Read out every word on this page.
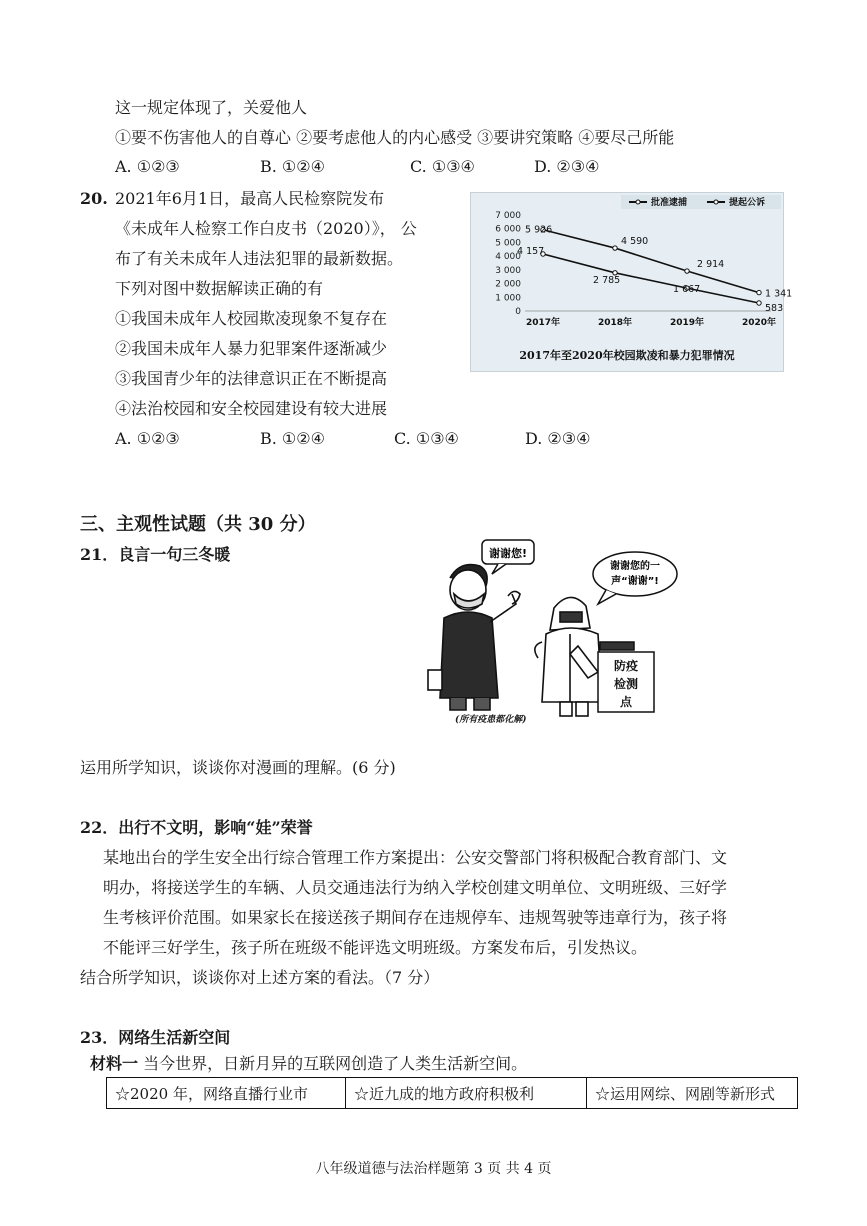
这一规定体现了，关爱他人
①要不伤害他人的自尊心 ②要考虑他人的内心感受 ③要讲究策略 ④要尽己所能
A. ①②③	B. ①②④	C. ①③④	D. ②③④
20. 2021年6月1日，最高人民检察院发布
《未成年人检察工作白皮书（2020）》， 公
布了有关未成年人违法犯罪的最新数据。
下列对图中数据解读正确的有
①我国未成年人校园欺凌现象不复存在
②我国未成年人暴力犯罪案件逐渐减少
③我国青少年的法律意识正在不断提高
④法治校园和安全校园建设有较大进展
A. ①②③	B. ①②④	C. ①③④	D. ②③④
批准逮捕	提起公诉
7 000
6 000
5 000
4 000
3 000
2 000
1 000
0
2017年	2018年	2019年	2020年
5 926
4 590
2 914
1 341
4 157
2 785
1 667
583
2017年至2020年校园欺凌和暴力犯罪情况
三、主观性试题（共 30 分）
21．良言一句三冬暖	谢谢您!
谢谢您的一
声“谢谢”!
防疫
检测
点
(所有疫患都化解)
运用所学知识，谈谈你对漫画的理解。(6 分)
22．出行不文明，影响“娃”荣誉
某地出台的学生安全出行综合管理工作方案提出：公安交警部门将积极配合教育部门、文
明办，将接送学生的车辆、人员交通违法行为纳入学校创建文明单位、文明班级、三好学
生考核评价范围。如果家长在接送孩子期间存在违规停车、违规驾驶等违章行为，孩子将
不能评三好学生，孩子所在班级不能评选文明班级。方案发布后，引发热议。
结合所学知识，谈谈你对上述方案的看法。（7 分）
23．网络生活新空间
材料一 当今世界，日新月异的互联网创造了人类生活新空间。
☆2020 年，网络直播行业市	☆近九成的地方政府积极利	☆运用网综、网剧等新形式
八年级道德与法治样题第 3 页 共 4 页
